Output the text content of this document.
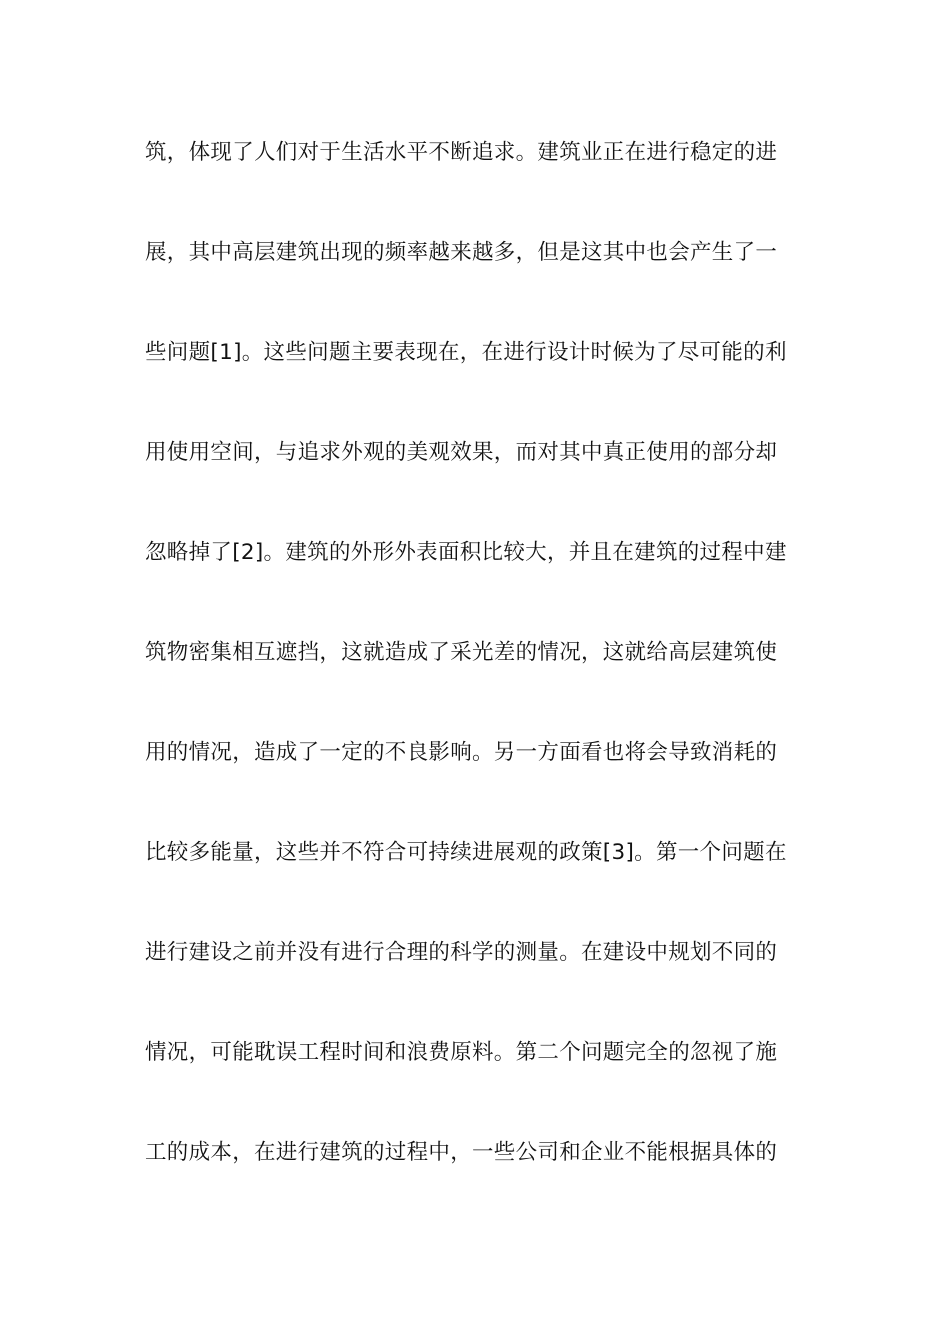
筑，体现了人们对于生活水平不断追求。建筑业正在进行稳定的进
展，其中高层建筑出现的频率越来越多，但是这其中也会产生了一
些问题[1]。这些问题主要表现在，在进行设计时候为了尽可能的利
用使用空间，与追求外观的美观效果，而对其中真正使用的部分却
忽略掉了[2]。建筑的外形外表面积比较大，并且在建筑的过程中建
筑物密集相互遮挡，这就造成了采光差的情况，这就给高层建筑使
用的情况，造成了一定的不良影响。另一方面看也将会导致消耗的
比较多能量，这些并不符合可持续进展观的政策[3]。第一个问题在
进行建设之前并没有进行合理的科学的测量。在建设中规划不同的
情况，可能耽误工程时间和浪费原料。第二个问题完全的忽视了施
工的成本，在进行建筑的过程中，一些公司和企业不能根据具体的
